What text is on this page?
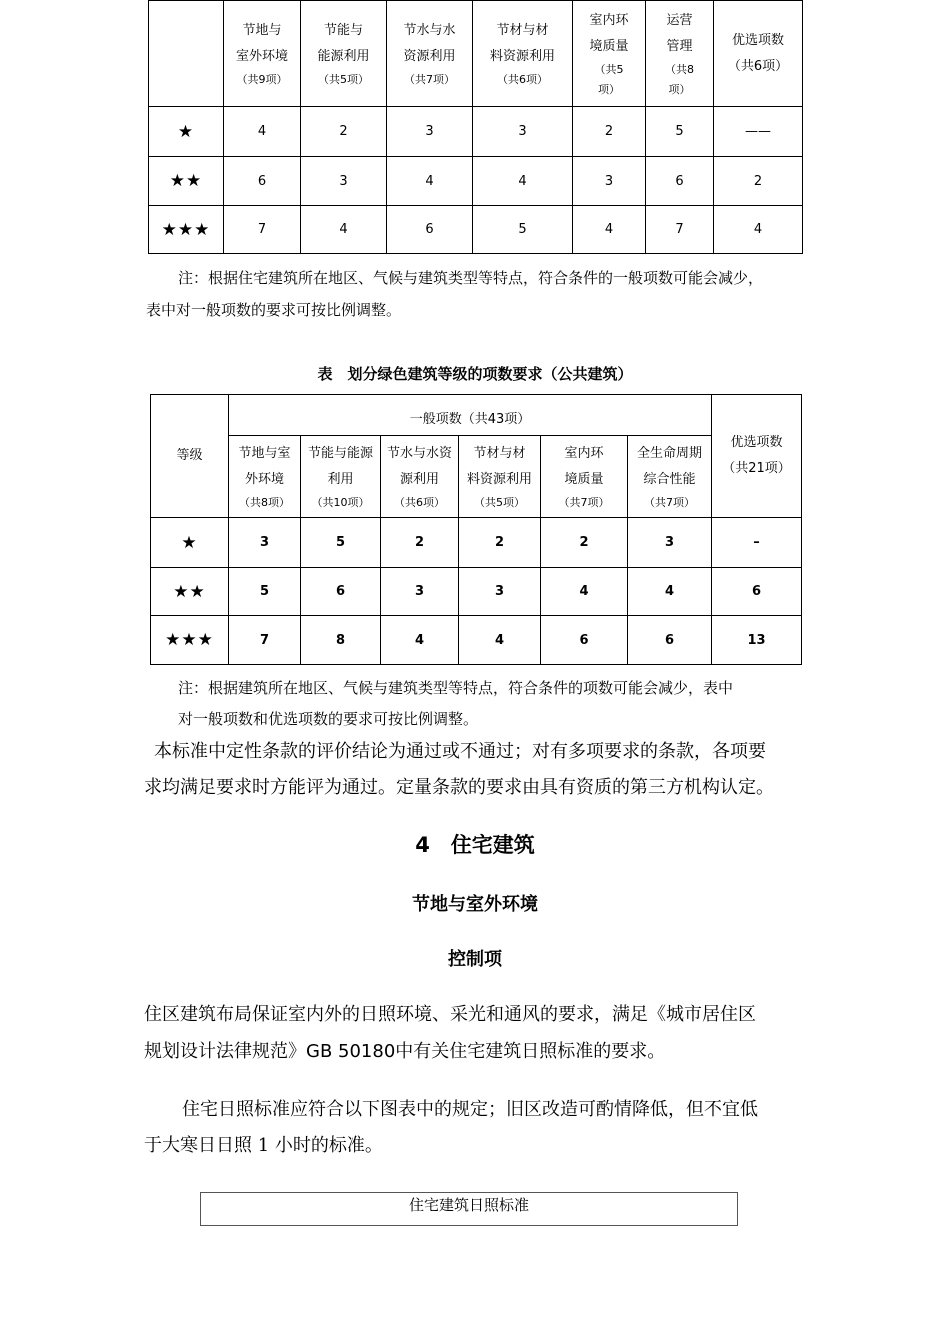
	节地与
室外环境
（共9项）	节能与
能源利用
（共5项）	节水与水
资源利用
（共7项）	节材与材
料资源利用
（共6项）	室内环
境质量
（共5
项）	运营
管理
（共8
项）	优选项数
（共6项）

★	4	2	3	3	2	5	——
★★	6	3	4	4	3	6	2
★★★	7	4	6	5	4	7	4
注：根据住宅建筑所在地区、气候与建筑类型等特点，符合条件的一般项数可能会减少，
表中对一般项数的要求可按比例调整。
表　划分绿色建筑等级的项数要求（公共建筑）
等级	一般项数（共43项）						优选项数
（共21项）

	节地与室
外环境
（共8项）	节能与能源
利用
（共10项）	节水与水资
源利用
（共6项）	节材与材
料资源利用
（共5项）	室内环
境质量
（共7项）	全生命周期
综合性能
（共7项）	

★	3	5	2	2	2	3	–
★★	5	6	3	3	4	4	6
★★★	7	8	4	4	6	6	13
注：根据建筑所在地区、气候与建筑类型等特点，符合条件的项数可能会减少，表中
对一般项数和优选项数的要求可按比例调整。
本标准中定性条款的评价结论为通过或不通过；对有多项要求的条款，各项要
求均满足要求时方能评为通过。定量条款的要求由具有资质的第三方机构认定。
4　住宅建筑
节地与室外环境
控制项
住区建筑布局保证室内外的日照环境、采光和通风的要求，满足《城市居住区
规划设计法律规范》GB 50180中有关住宅建筑日照标准的要求。
住宅日照标准应符合以下图表中的规定；旧区改造可酌情降低，但不宜低
于大寒日日照 1 小时的标准。
住宅建筑日照标准
